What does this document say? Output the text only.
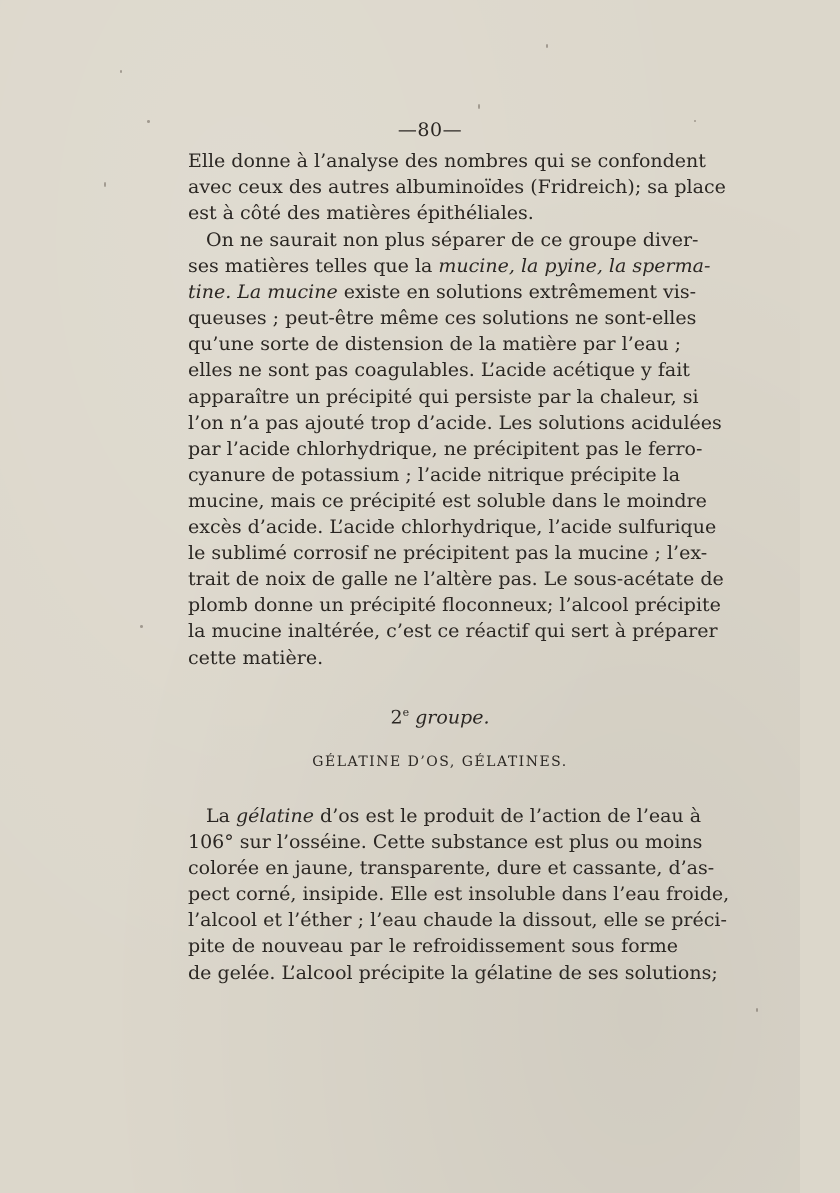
—80—
Elle donne à l’analyse des nombres qui se confondent
avec ceux des autres albuminoïdes (Fridreich); sa place
est à côté des matières épithéliales.
On ne saurait non plus séparer de ce groupe diver-
ses matières telles que la mucine, la pyine, la sperma-
tine. La mucine existe en solutions extrêmement vis-
queuses ; peut-être même ces solutions ne sont-elles
qu’une sorte de distension de la matière par l’eau ;
elles ne sont pas coagulables. L’acide acétique y fait
apparaître un précipité qui persiste par la chaleur, si
l’on n’a pas ajouté trop d’acide. Les solutions acidulées
par l’acide chlorhydrique, ne précipitent pas le ferro-
cyanure de potassium ; l’acide nitrique précipite la
mucine, mais ce précipité est soluble dans le moindre
excès d’acide. L’acide chlorhydrique, l’acide sulfurique
le sublimé corrosif ne précipitent pas la mucine ; l’ex-
trait de noix de galle ne l’altère pas. Le sous-acétate de
plomb donne un précipité floconneux; l’alcool précipite
la mucine inaltérée, c’est ce réactif qui sert à préparer
cette matière.
2e groupe.
GÉLATINE D’OS, GÉLATINES.
La gélatine d’os est le produit de l’action de l’eau à
106° sur l’osséine. Cette substance est plus ou moins
colorée en jaune, transparente, dure et cassante, d’as-
pect corné, insipide. Elle est insoluble dans l’eau froide,
l’alcool et l’éther ; l’eau chaude la dissout, elle se préci-
pite de nouveau par le refroidissement sous forme
de gelée. L’alcool précipite la gélatine de ses solutions;
